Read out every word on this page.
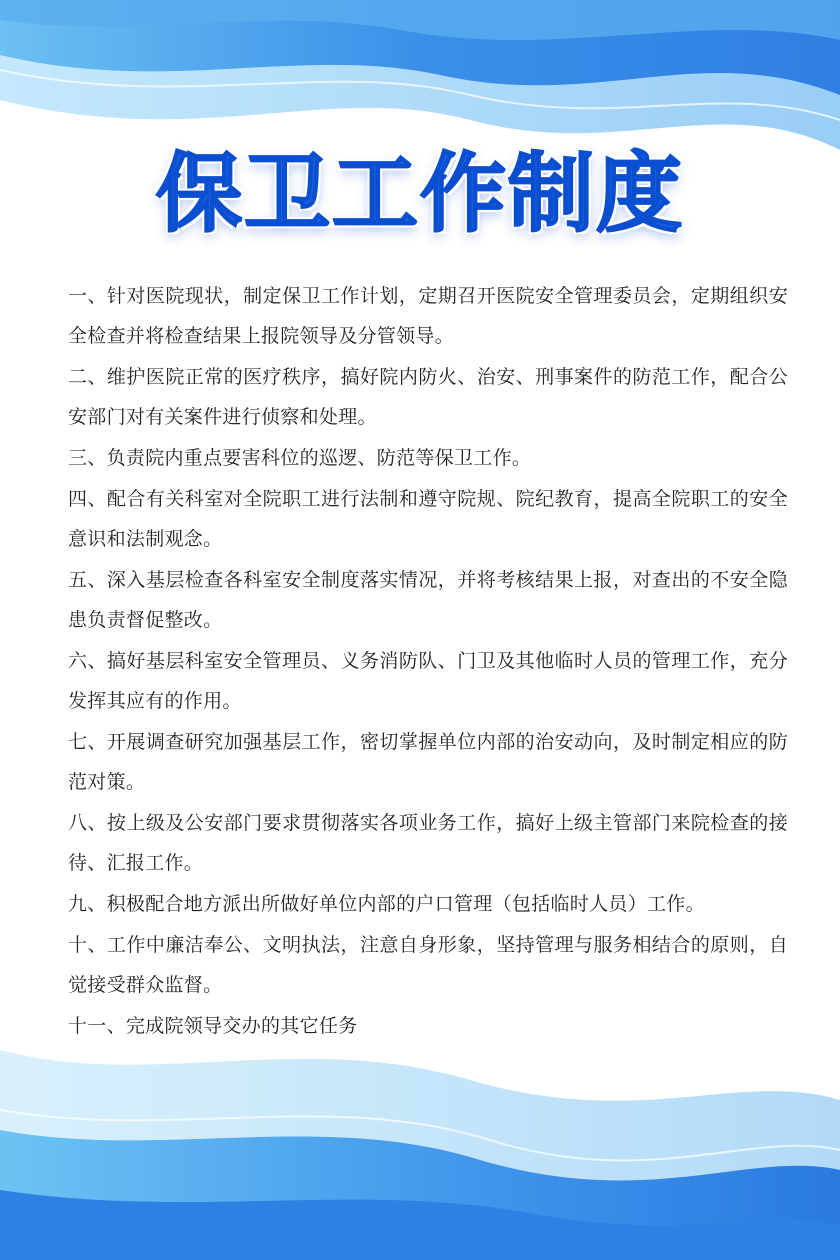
保卫工作制度

一、针对医院现状，制定保卫工作计划，定期召开医院安全管理委员会，定期组织安全检查并将检查结果上报院领导及分管领导。

二、维护医院正常的医疗秩序，搞好院内防火、治安、刑事案件的防范工作，配合公安部门对有关案件进行侦察和处理。

三、负责院内重点要害科位的巡逻、防范等保卫工作。

四、配合有关科室对全院职工进行法制和遵守院规、院纪教育，提高全院职工的安全意识和法制观念。

五、深入基层检查各科室安全制度落实情况，并将考核结果上报，对查出的不安全隐患负责督促整改。

六、搞好基层科室安全管理员、义务消防队、门卫及其他临时人员的管理工作，充分发挥其应有的作用。

七、开展调查研究加强基层工作，密切掌握单位内部的治安动向，及时制定相应的防范对策。

八、按上级及公安部门要求贯彻落实各项业务工作，搞好上级主管部门来院检查的接待、汇报工作。

九、积极配合地方派出所做好单位内部的户口管理（包括临时人员）工作。

十、工作中廉洁奉公、文明执法，注意自身形象，坚持管理与服务相结合的原则，自觉接受群众监督。

十一、完成院领导交办的其它任务
